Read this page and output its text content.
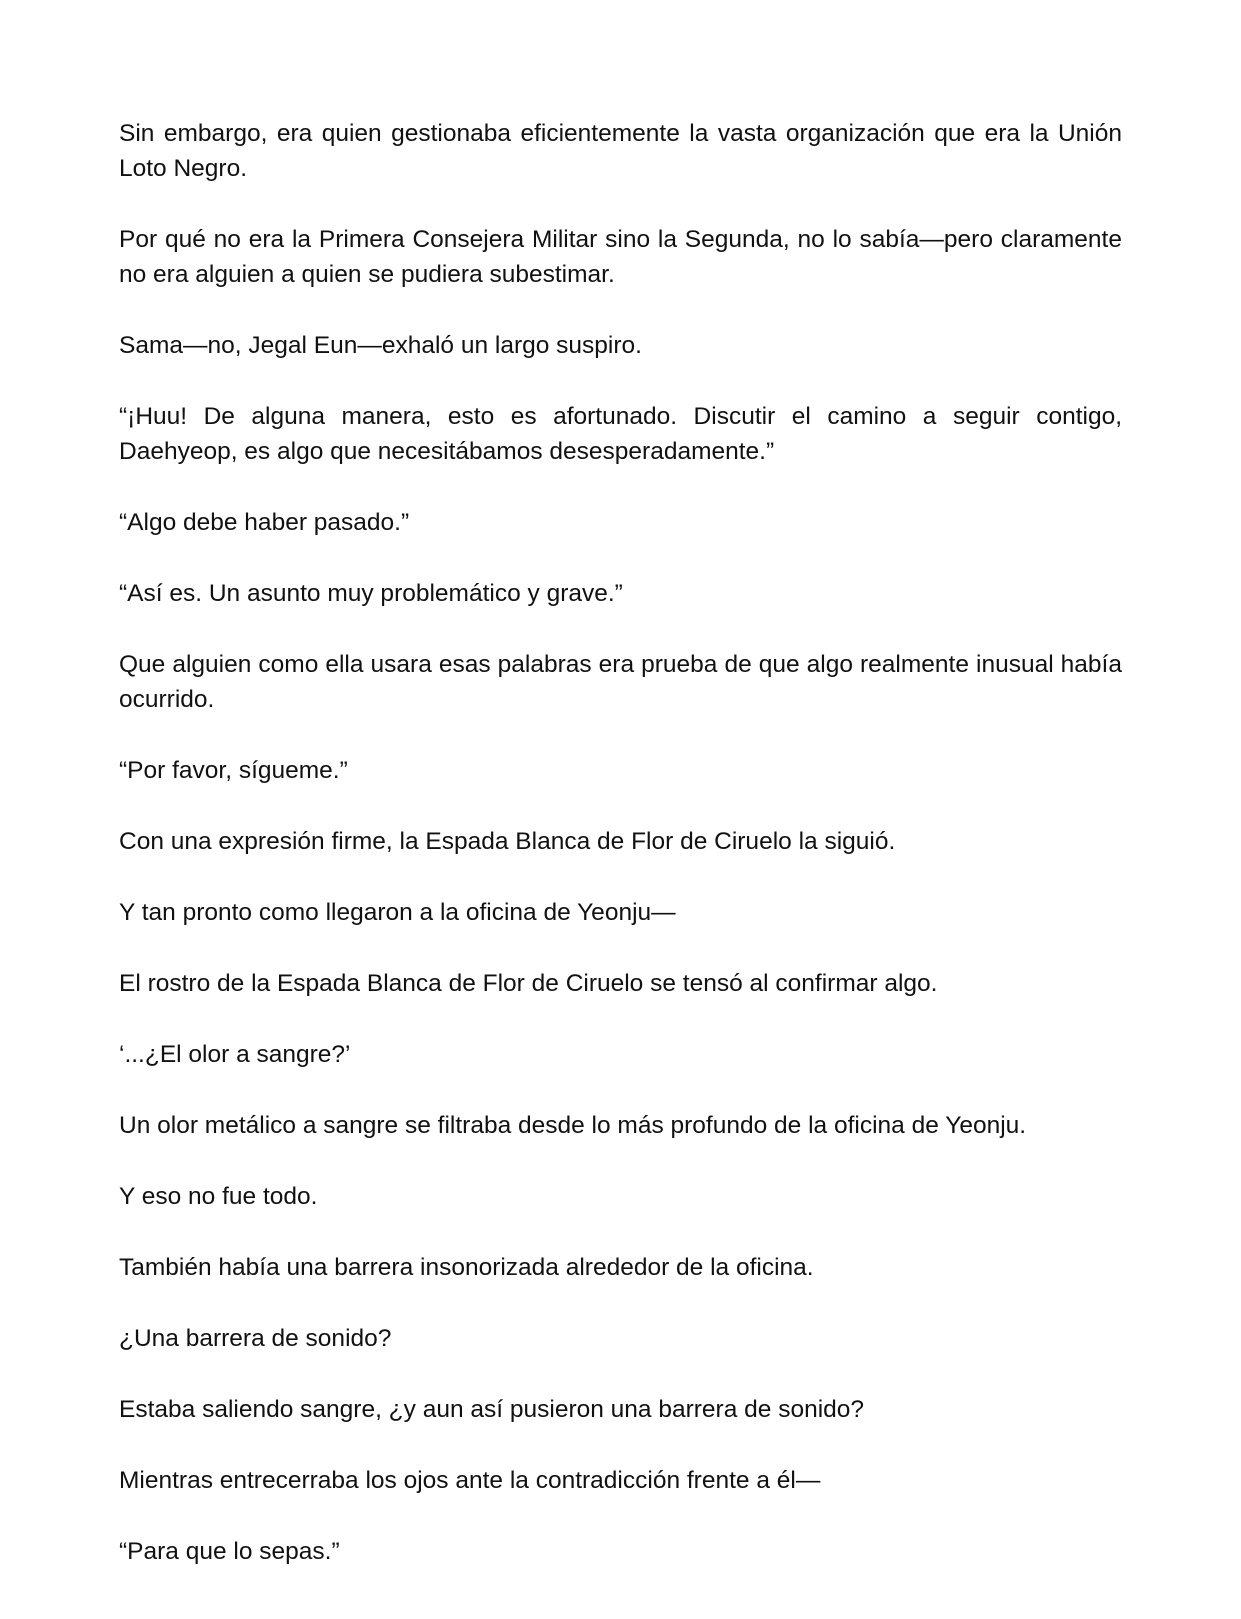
Sin embargo, era quien gestionaba eficientemente la vasta organización que era la Unión Loto Negro.

Por qué no era la Primera Consejera Militar sino la Segunda, no lo sabía—pero claramente no era alguien a quien se pudiera subestimar.

Sama—no, Jegal Eun—exhaló un largo suspiro.

“¡Huu! De alguna manera, esto es afortunado. Discutir el camino a seguir contigo, Daehyeop, es algo que necesitábamos desesperadamente.”

“Algo debe haber pasado.”

“Así es. Un asunto muy problemático y grave.”

Que alguien como ella usara esas palabras era prueba de que algo realmente inusual había ocurrido.

“Por favor, sígueme.”

Con una expresión firme, la Espada Blanca de Flor de Ciruelo la siguió.

Y tan pronto como llegaron a la oficina de Yeonju—

El rostro de la Espada Blanca de Flor de Ciruelo se tensó al confirmar algo.

‘...¿El olor a sangre?’

Un olor metálico a sangre se filtraba desde lo más profundo de la oficina de Yeonju.

Y eso no fue todo.

También había una barrera insonorizada alrededor de la oficina.

¿Una barrera de sonido?

Estaba saliendo sangre, ¿y aun así pusieron una barrera de sonido?

Mientras entrecerraba los ojos ante la contradicción frente a él—

“Para que lo sepas.”
